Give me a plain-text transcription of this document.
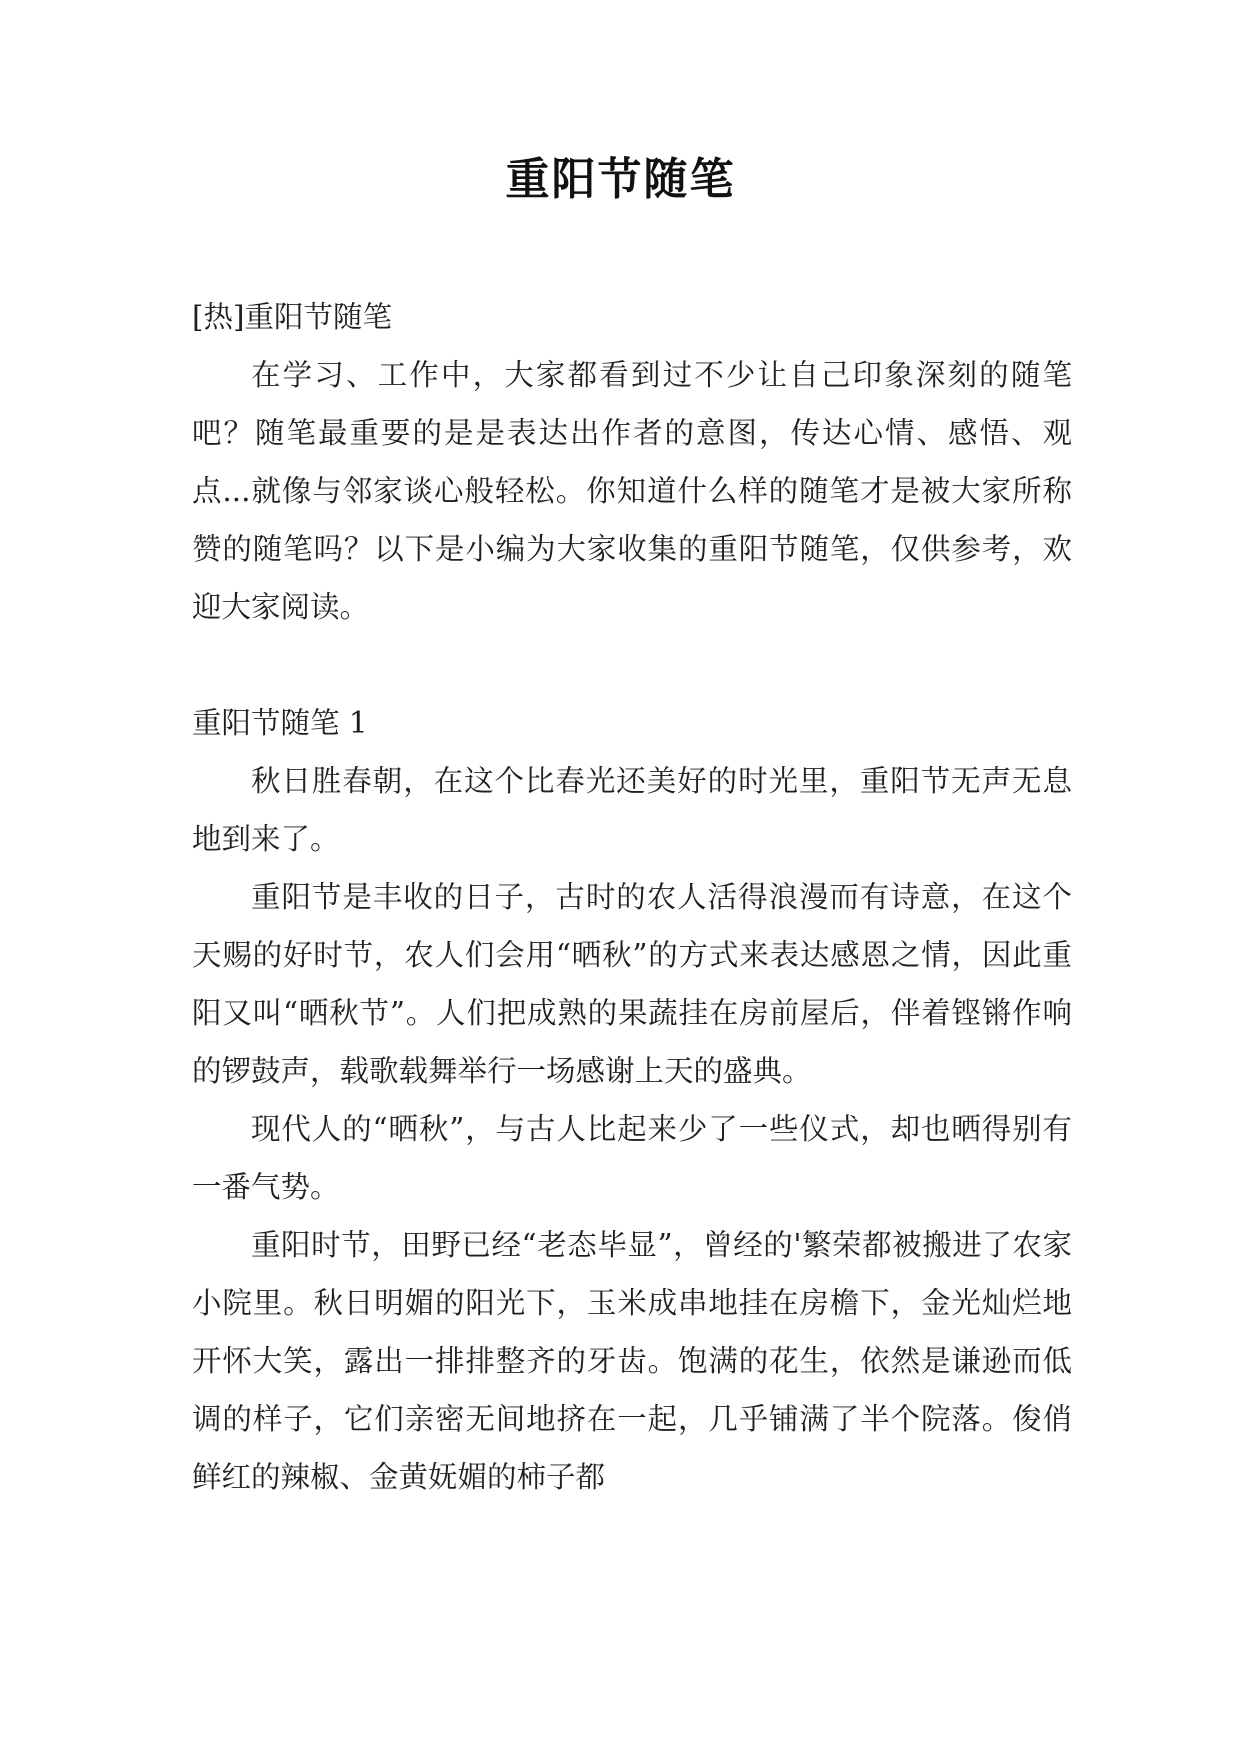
重阳节随笔

[热]重阳节随笔

在学习、工作中，大家都看到过不少让自己印象深刻的随笔吧？随笔最重要的是是表达出作者的意图，传达心情、感悟、观点...就像与邻家谈心般轻松。你知道什么样的随笔才是被大家所称赞的随笔吗？以下是小编为大家收集的重阳节随笔，仅供参考，欢迎大家阅读。

重阳节随笔 1

秋日胜春朝，在这个比春光还美好的时光里，重阳节无声无息地到来了。

重阳节是丰收的日子，古时的农人活得浪漫而有诗意，在这个天赐的好时节，农人们会用“晒秋”的方式来表达感恩之情，因此重阳又叫“晒秋节”。人们把成熟的果蔬挂在房前屋后，伴着铿锵作响的锣鼓声，载歌载舞举行一场感谢上天的盛典。

现代人的“晒秋”，与古人比起来少了一些仪式，却也晒得别有一番气势。

重阳时节，田野已经“老态毕显”，曾经的'繁荣都被搬进了农家小院里。秋日明媚的阳光下，玉米成串地挂在房檐下，金光灿烂地开怀大笑，露出一排排整齐的牙齿。饱满的花生，依然是谦逊而低调的样子，它们亲密无间地挤在一起，几乎铺满了半个院落。俊俏鲜红的辣椒、金黄妩媚的柿子都
